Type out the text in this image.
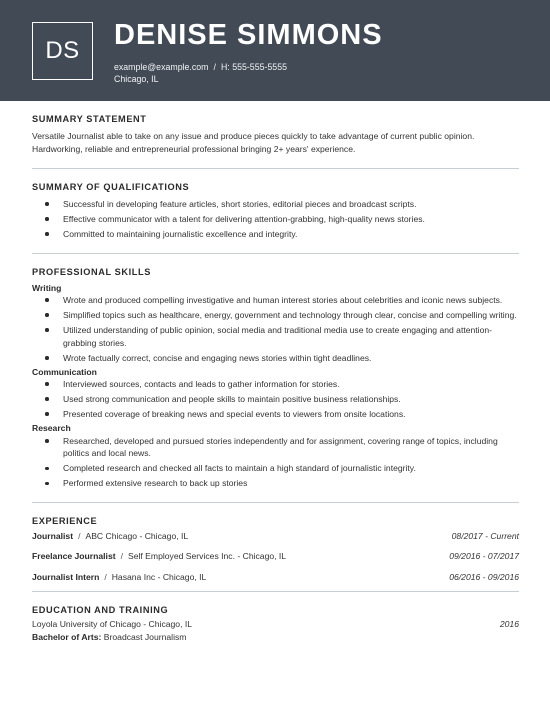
DS	DENISE SIMMONS
example@example.com / H: 555-555-5555
Chicago, IL
SUMMARY STATEMENT

Versatile Journalist able to take on any issue and produce pieces quickly to take advantage of current public opinion. Hardworking, reliable and entrepreneurial professional bringing 2+ years' experience.

SUMMARY OF QUALIFICATIONS
Successful in developing feature articles, short stories, editorial pieces and broadcast scripts.
Effective communicator with a talent for delivering attention-grabbing, high-quality news stories.
Committed to maintaining journalistic excellence and integrity.
PROFESSIONAL SKILLS
Writing
Wrote and produced compelling investigative and human interest stories about celebrities and iconic news subjects.
Simplified topics such as healthcare, energy, government and technology through clear, concise and compelling writing.
Utilized understanding of public opinion, social media and traditional media use to create engaging and attention-grabbing stories.
Wrote factually correct, concise and engaging news stories within tight deadlines.
Communication
Interviewed sources, contacts and leads to gather information for stories.
Used strong communication and people skills to maintain positive business relationships.
Presented coverage of breaking news and special events to viewers from onsite locations.
Research
Researched, developed and pursued stories independently and for assignment, covering range of topics, including politics and local news.
Completed research and checked all facts to maintain a high standard of journalistic integrity.
Performed extensive research to back up stories
EXPERIENCE
Journalist / ABC Chicago - Chicago, IL	08/2017 - Current
Freelance Journalist / Self Employed Services Inc. - Chicago, IL	09/2016 - 07/2017
Journalist Intern / Hasana Inc - Chicago, IL	06/2016 - 09/2016
EDUCATION AND TRAINING
Loyola University of Chicago - Chicago, IL	2016
Bachelor of Arts: Broadcast Journalism
